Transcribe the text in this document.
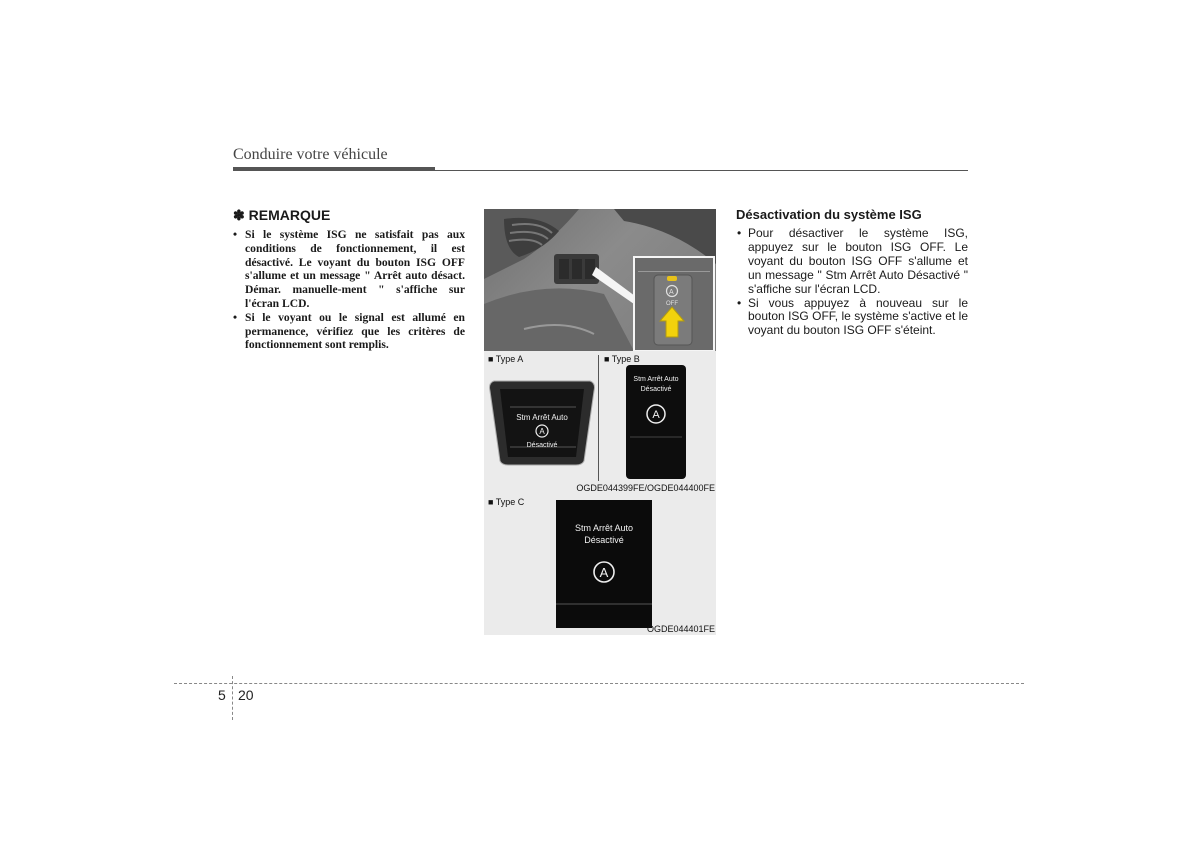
Conduire votre véhicule

✽ REMARQUE

• Si le système ISG ne satisfait pas aux conditions de fonctionnement, il est désactivé. Le voyant du bouton ISG OFF s'allume et un message " Arrêt auto désact. Démar. manuelle-ment " s'affiche sur l'écran LCD.
• Si le voyant ou le signal est allumé en permanence, vérifiez que les critères de fonctionnement sont remplis.
A
OFF
■ Type A	■ Type B
Stm Arrêt Auto
A
Désactivé
Stm Arrêt Auto
Désactivé
A
OGDE044399FE/OGDE044400FE
■ Type C
Stm Arrêt Auto
Désactivé
A
OGDE044401FE

Désactivation du système ISG

• Pour désactiver le système ISG, appuyez sur le bouton ISG OFF. Le voyant du bouton ISG OFF s'allume et un message " Stm Arrêt Auto Désactivé " s'affiche sur l'écran LCD.
• Si vous appuyez à nouveau sur le bouton ISG OFF, le système s'active et le voyant du bouton ISG OFF s'éteint.
5 20
